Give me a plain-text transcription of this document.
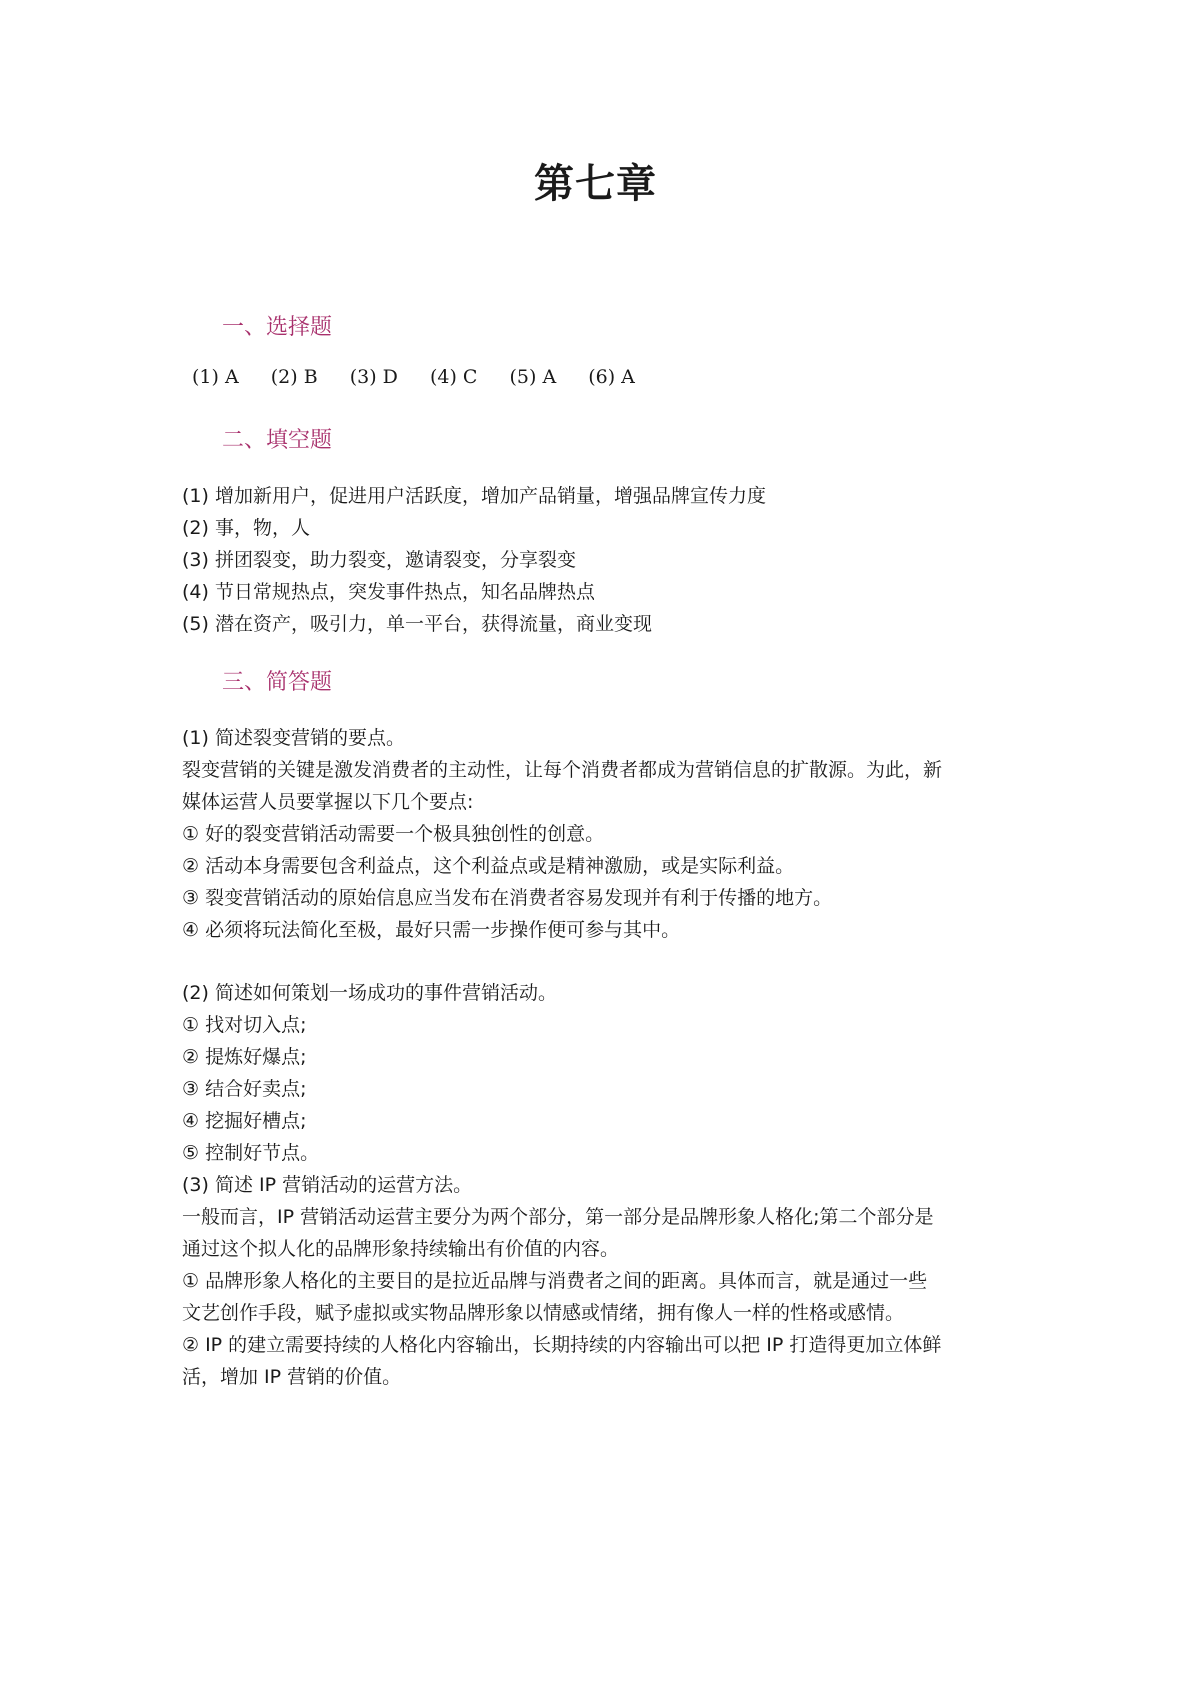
第七章
一、选择题
(1) A (2) B (3) D (4) C (5) A (6) A
二、填空题
(1) 增加新用户，促进用户活跃度，增加产品销量，增强品牌宣传力度
(2) 事，物，人
(3) 拼团裂变，助力裂变，邀请裂变，分享裂变
(4) 节日常规热点，突发事件热点，知名品牌热点
(5) 潜在资产，吸引力，单一平台，获得流量，商业变现
三、简答题
(1) 简述裂变营销的要点。
裂变营销的关键是激发消费者的主动性，让每个消费者都成为营销信息的扩散源。为此，新
媒体运营人员要掌握以下几个要点:
① 好的裂变营销活动需要一个极具独创性的创意。
② 活动本身需要包含利益点，这个利益点或是精神激励，或是实际利益。
③ 裂变营销活动的原始信息应当发布在消费者容易发现并有利于传播的地方。
④ 必须将玩法简化至极，最好只需一步操作便可参与其中。
(2) 简述如何策划一场成功的事件营销活动。
① 找对切入点;
② 提炼好爆点;
③ 结合好卖点;
④ 挖掘好槽点;
⑤ 控制好节点。
(3) 简述 IP 营销活动的运营方法。
一般而言，IP 营销活动运营主要分为两个部分，第一部分是品牌形象人格化;第二个部分是
通过这个拟人化的品牌形象持续输出有价值的内容。
① 品牌形象人格化的主要目的是拉近品牌与消费者之间的距离。具体而言，就是通过一些
文艺创作手段，赋予虚拟或实物品牌形象以情感或情绪，拥有像人一样的性格或感情。
② IP 的建立需要持续的人格化内容输出，长期持续的内容输出可以把 IP 打造得更加立体鲜
活，增加 IP 营销的价值。
